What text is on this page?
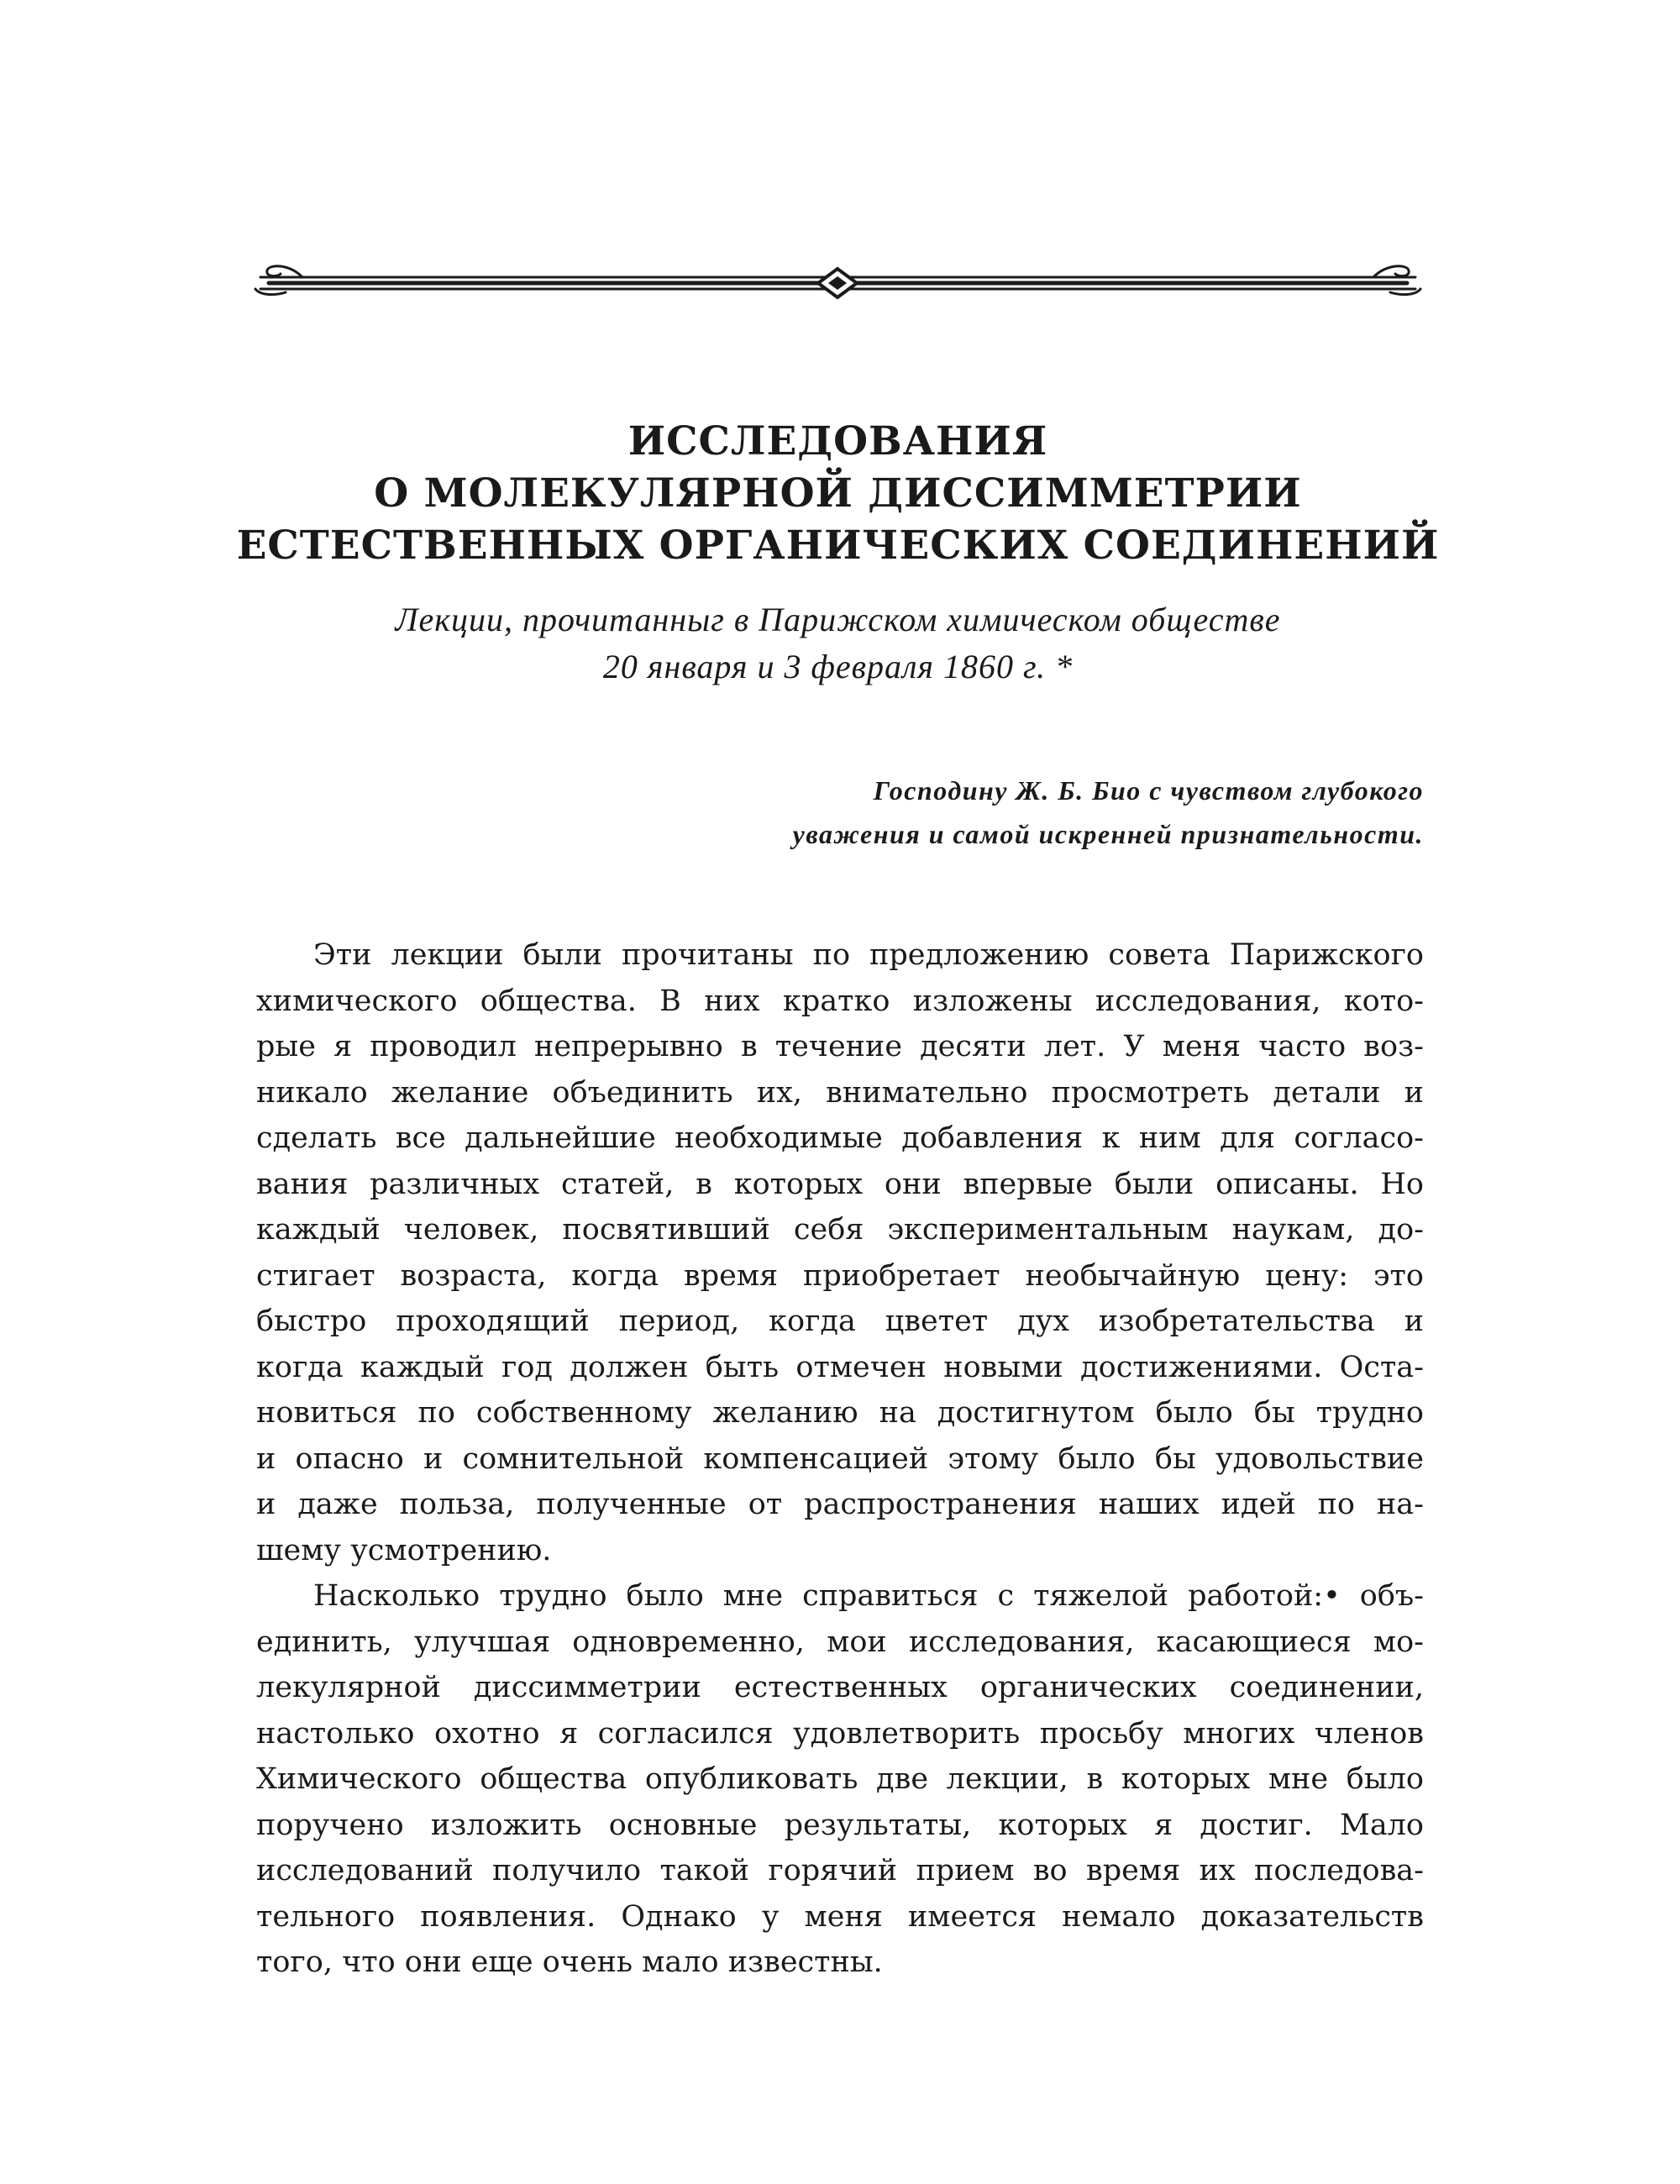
ИССЛЕДОВАНИЯ
О МОЛЕКУЛЯРНОЙ ДИССИММЕТРИИ
ЕСТЕСТВЕННЫХ ОРГАНИЧЕСКИХ СОЕДИНЕНИЙ
Лекции, прочитанныг в Парижском химическом обществе
20 января и 3 февраля 1860 г. *
Господину Ж. Б. Био с чувством глубокого
уважения и самой искренней признательности.
Эти лекции были прочитаны по предложению совета Парижского
химического общества. В них кратко изложены исследования, кото-
рые я проводил непрерывно в течение десяти лет. У меня часто воз-
никало желание объединить их, внимательно просмотреть детали и
сделать все дальнейшие необходимые добавления к ним для согласо-
вания различных статей, в которых они впервые были описаны. Но
каждый человек, посвятивший себя экспериментальным наукам, до-
стигает возраста, когда время приобретает необычайную цену: это
быстро проходящий период, когда цветет дух изобретательства и
когда каждый год должен быть отмечен новыми достижениями. Оста-
новиться по собственному желанию на достигнутом было бы трудно
и опасно и сомнительной компенсацией этому было бы удовольствие
и даже польза, полученные от распространения наших идей по на-
шему усмотрению.
Насколько трудно было мне справиться с тяжелой работой:• объ-
единить, улучшая одновременно, мои исследования, касающиеся мо-
лекулярной диссимметрии естественных органических соединении,
настолько охотно я согласился удовлетворить просьбу многих членов
Химического общества опубликовать две лекции, в которых мне было
поручено изложить основные результаты, которых я достиг. Мало
исследований получило такой горячий прием во время их последова-
тельного появления. Однако у меня имеется немало доказательств
того, что они еще очень мало известны.
